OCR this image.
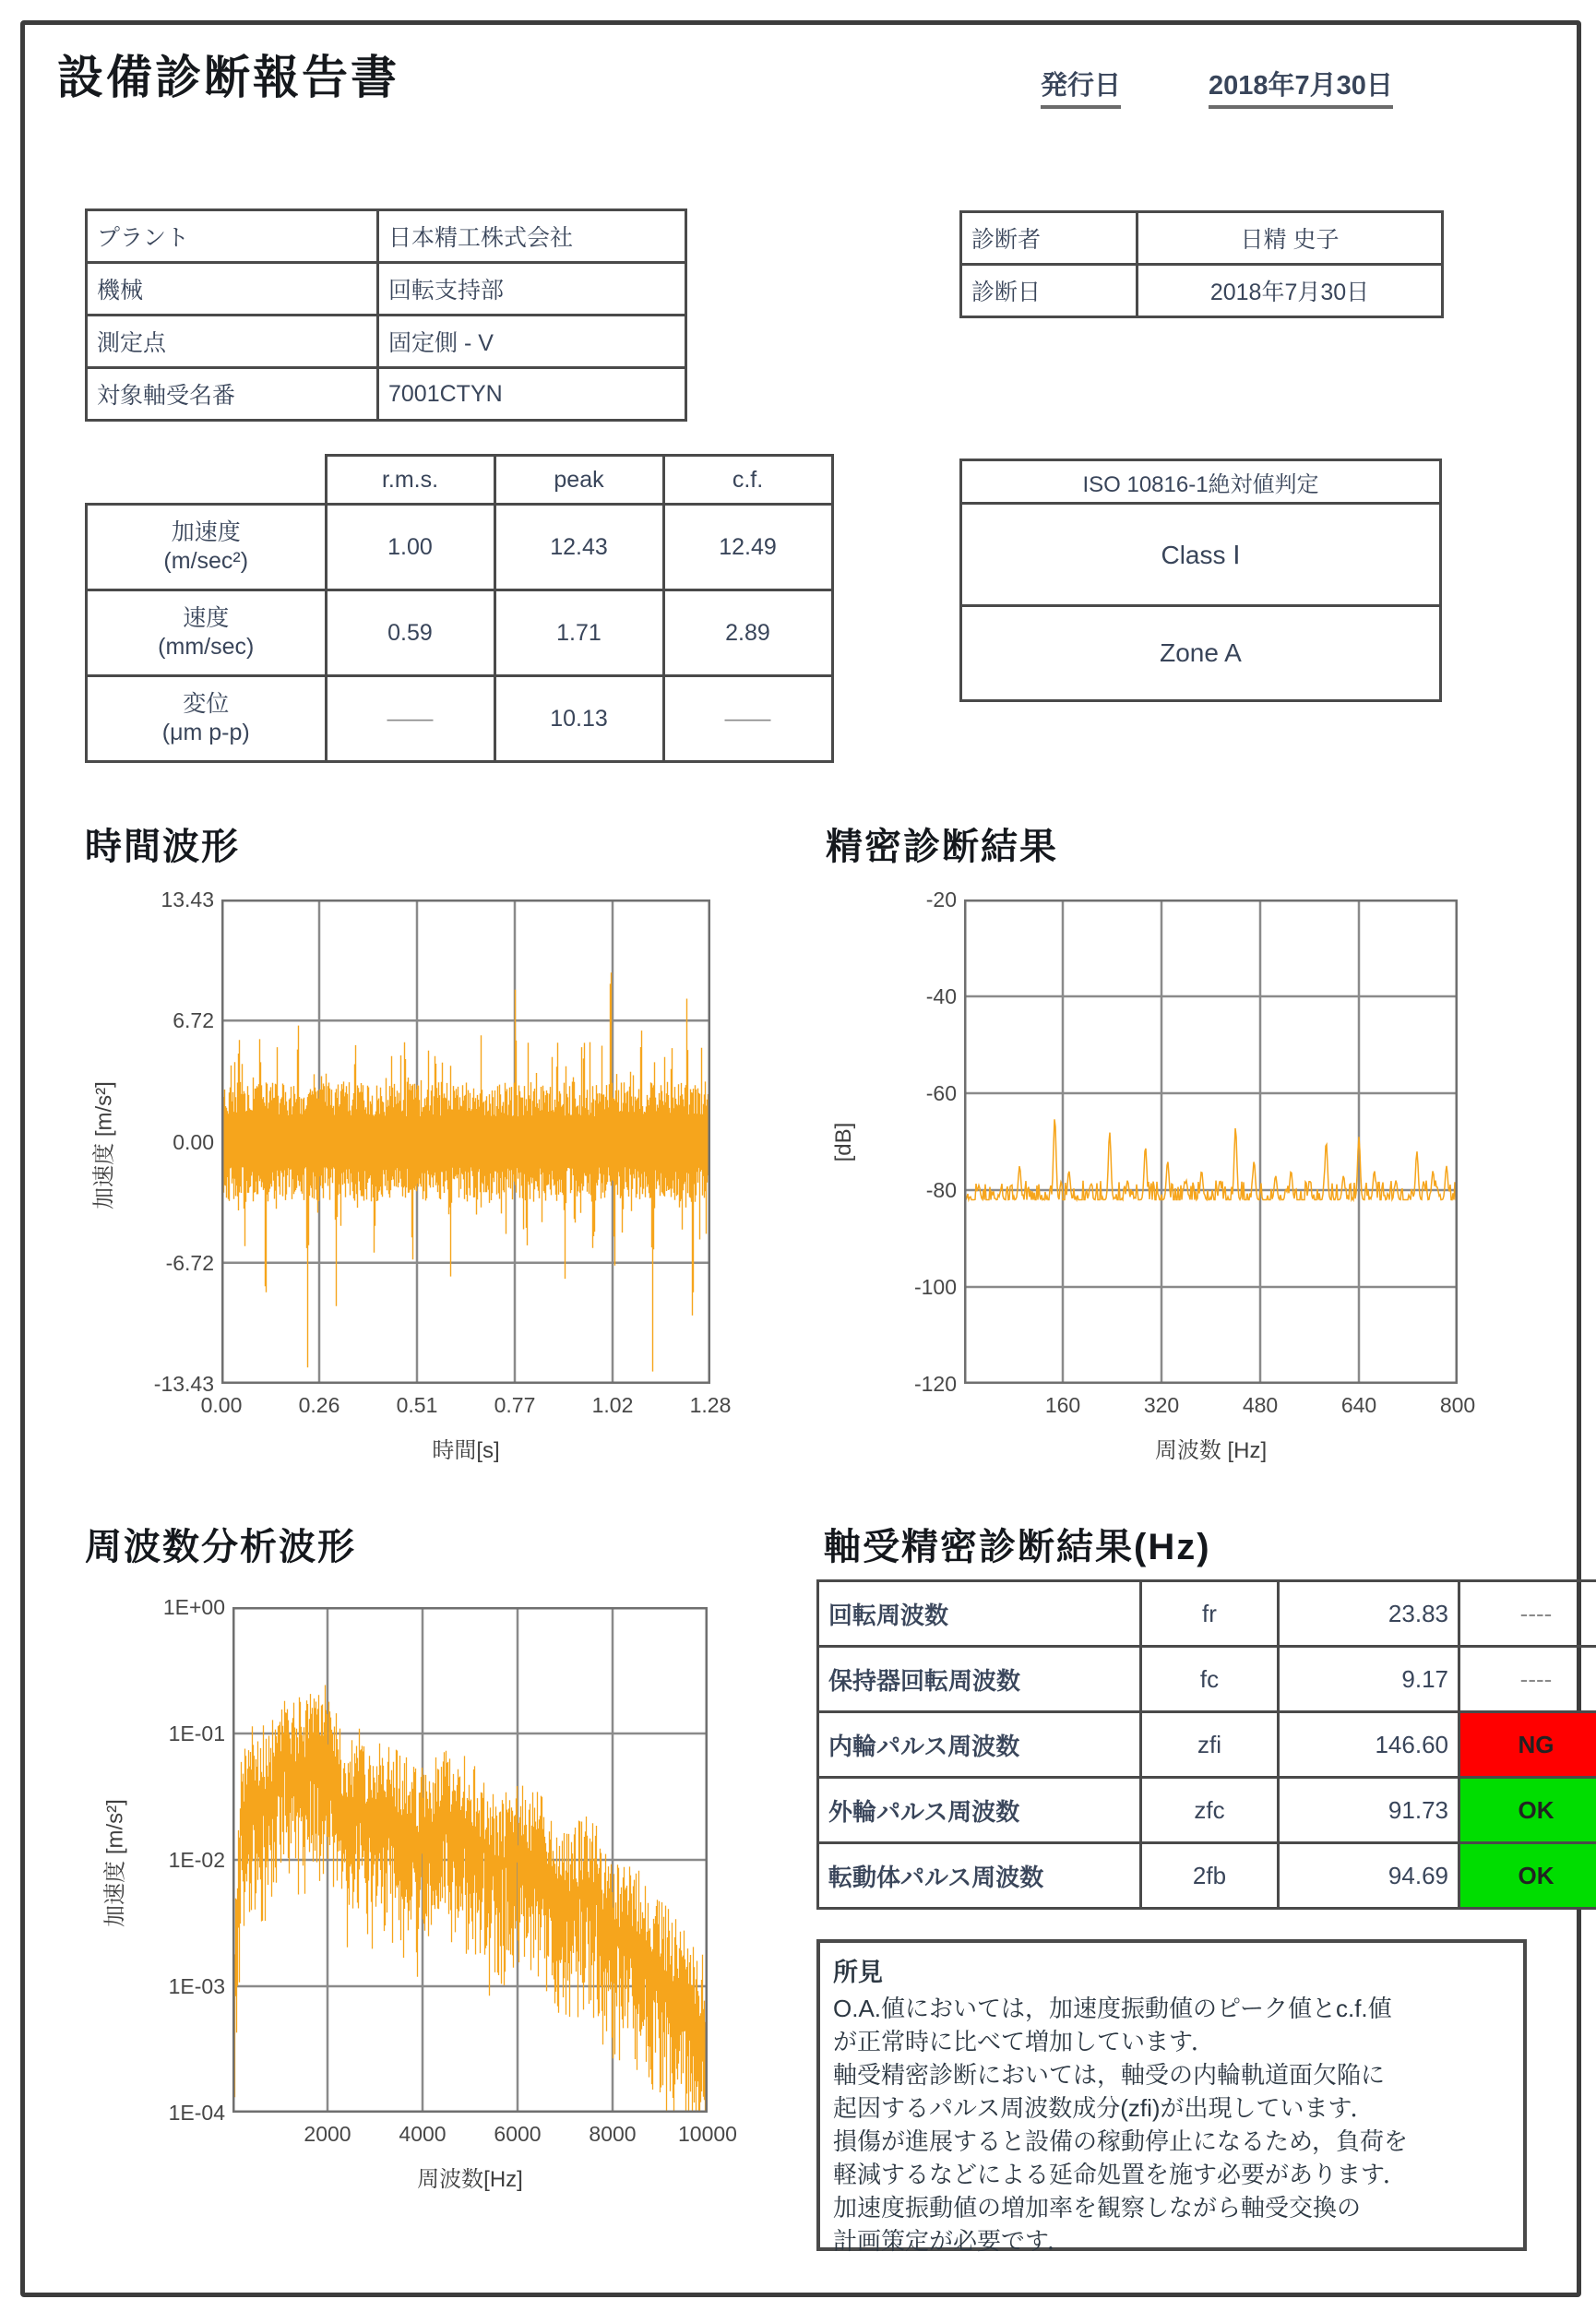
設備診断報告書	発行日	2018年7月30日
プラント	日本精工株式会社
機械	回転支持部
測定点	固定側 - V
対象軸受名番	7001CTYN
診断者	日精 史子
診断日	2018年7月30日
	r.m.s.	peak	c.f.

加速度
(m/sec²)	1.00	12.43	12.49

速度
(mm/sec)	0.59	1.71	2.89

変位
(μm p-p)	——	10.13	——
ISO 10816-1絶対値判定
Class Ⅰ
Zone A
時間波形	精密診断結果
13.43
6.72
0.00
-6.72
-13.43
0.00	0.26	0.51	0.77	1.02	1.28
時間[s]
加速度 [m/s²]
-20
-40
-60
-80
-100
-120
160	320	480	640	800
周波数 [Hz]
[dB]
周波数分析波形	軸受精密診断結果(Hz)
1E+00
1E-01
1E-02
1E-03
1E-04
2000	4000	6000	8000	10000
周波数[Hz]
加速度 [m/s²]
回転周波数	fr	23.83	----
保持器回転周波数	fc	9.17	----
内輪パルス周波数	zfi	146.60	NG
外輪パルス周波数	zfc	91.73	OK
転動体パルス周波数	2fb	94.69	OK
所見
O.A.値においては，加速度振動値のピーク値とc.f.値
が正常時に比べて増加しています．
軸受精密診断においては，軸受の内輪軌道面欠陥に
起因するパルス周波数成分(zfi)が出現しています．
損傷が進展すると設備の稼動停止になるため，負荷を
軽減するなどによる延命処置を施す必要があります．
加速度振動値の増加率を観察しながら軸受交換の
計画策定が必要です．
